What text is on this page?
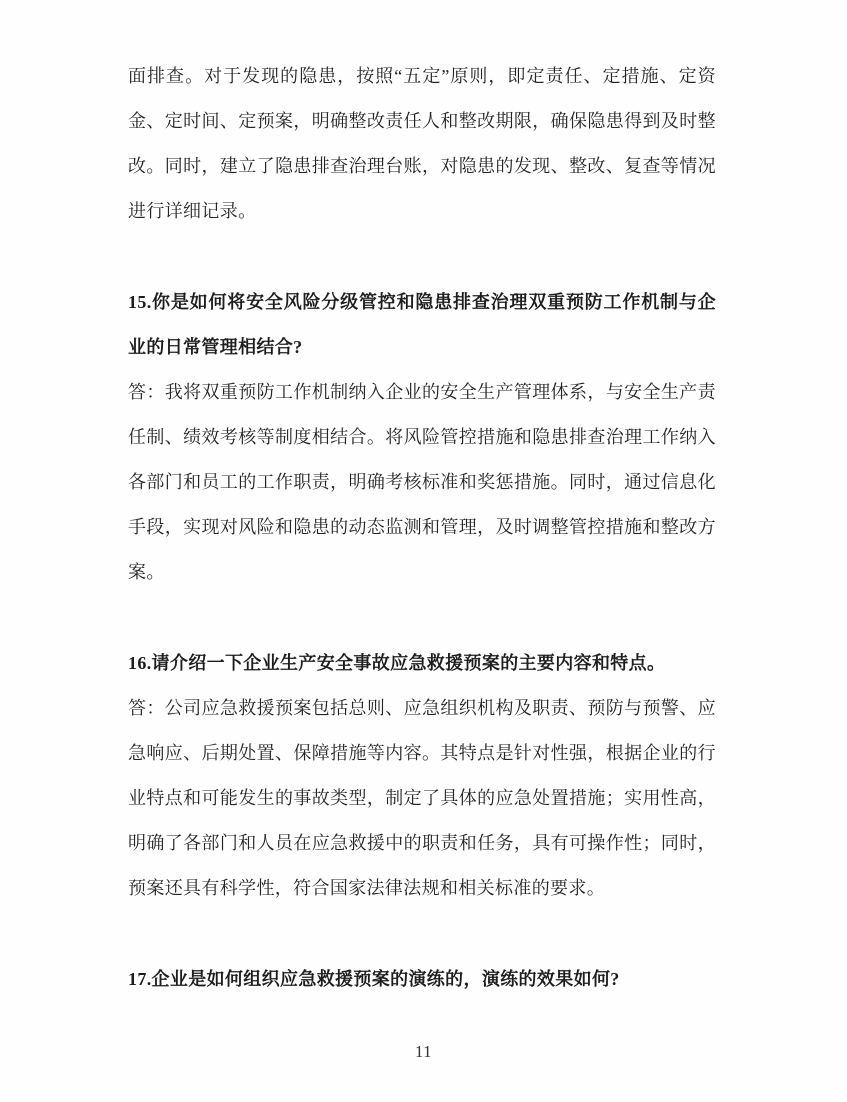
面排查。对于发现的隐患，按照“五定”原则，即定责任、定措施、定资金、定时间、定预案，明确整改责任人和整改期限，确保隐患得到及时整改。同时，建立了隐患排查治理台账，对隐患的发现、整改、复查等情况进行详细记录。

15.你是如何将安全风险分级管控和隐患排查治理双重预防工作机制与企业的日常管理相结合?

答：我将双重预防工作机制纳入企业的安全生产管理体系，与安全生产责任制、绩效考核等制度相结合。将风险管控措施和隐患排查治理工作纳入各部门和员工的工作职责，明确考核标准和奖惩措施。同时，通过信息化手段，实现对风险和隐患的动态监测和管理，及时调整管控措施和整改方案。

16.请介绍一下企业生产安全事故应急救援预案的主要内容和特点。

答：公司应急救援预案包括总则、应急组织机构及职责、预防与预警、应急响应、后期处置、保障措施等内容。其特点是针对性强，根据企业的行业特点和可能发生的事故类型，制定了具体的应急处置措施；实用性高，明确了各部门和人员在应急救援中的职责和任务，具有可操作性；同时，预案还具有科学性，符合国家法律法规和相关标准的要求。

17.企业是如何组织应急救援预案的演练的，演练的效果如何?

11
